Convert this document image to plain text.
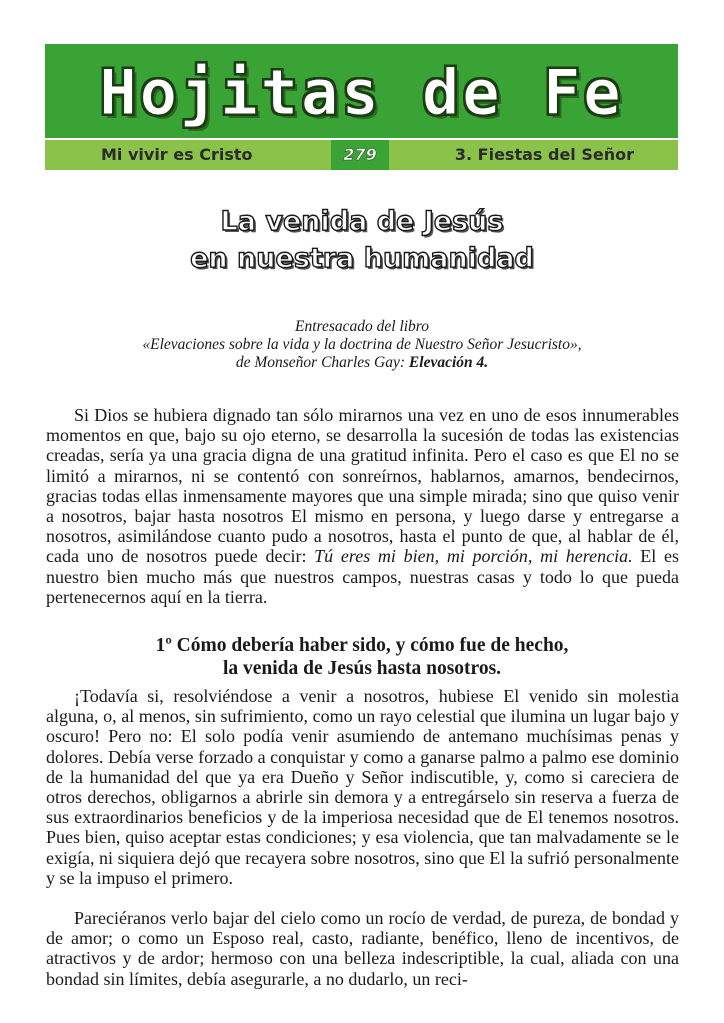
Hojitas de Fe
Mi vivir es Cristo	279	3. Fiestas del Señor
La venida de Jesús
en nuestra humanidad
Entresacado del libro
«Elevaciones sobre la vida y la doctrina de Nuestro Señor Jesucristo»,
de Monseñor Charles Gay: Elevación 4.

Si Dios se hubiera dignado tan sólo mirarnos una vez en uno de esos innumerables momentos en que, bajo su ojo eterno, se desarrolla la sucesión de todas las existencias creadas, sería ya una gracia digna de una gratitud infinita. Pero el caso es que El no se limitó a mirarnos, ni se contentó con sonreírnos, hablarnos, amarnos, bendecirnos, gracias todas ellas inmensamente mayores que una simple mirada; sino que quiso venir a nosotros, bajar hasta nosotros El mismo en persona, y luego darse y entregarse a nosotros, asimilándose cuanto pudo a nosotros, hasta el punto de que, al hablar de él, cada uno de nosotros puede decir: Tú eres mi bien, mi porción, mi herencia. El es nuestro bien mucho más que nuestros campos, nuestras casas y todo lo que pueda pertenecernos aquí en la tierra.

1º Cómo debería haber sido, y cómo fue de hecho,
la venida de Jesús hasta nosotros.

¡Todavía si, resolviéndose a venir a nosotros, hubiese El venido sin molestia alguna, o, al menos, sin sufrimiento, como un rayo celestial que ilumina un lugar bajo y oscuro! Pero no: El solo podía venir asumiendo de antemano muchísimas penas y dolores. Debía verse forzado a conquistar y como a ganarse palmo a palmo ese dominio de la humanidad del que ya era Dueño y Señor indiscutible, y, como si careciera de otros derechos, obligarnos a abrirle sin demora y a entregárselo sin reserva a fuerza de sus extraordinarios beneficios y de la imperiosa necesidad que de El tenemos nosotros. Pues bien, quiso aceptar estas condiciones; y esa violencia, que tan malvadamente se le exigía, ni siquiera dejó que recayera sobre nosotros, sino que El la sufrió personalmente y se la impuso el primero.

Pareciéranos verlo bajar del cielo como un rocío de verdad, de pureza, de bondad y de amor; o como un Esposo real, casto, radiante, benéfico, lleno de incentivos, de atractivos y de ardor; hermoso con una belleza indescriptible, la cual, aliada con una bondad sin límites, debía asegurarle, a no dudarlo, un reci-
